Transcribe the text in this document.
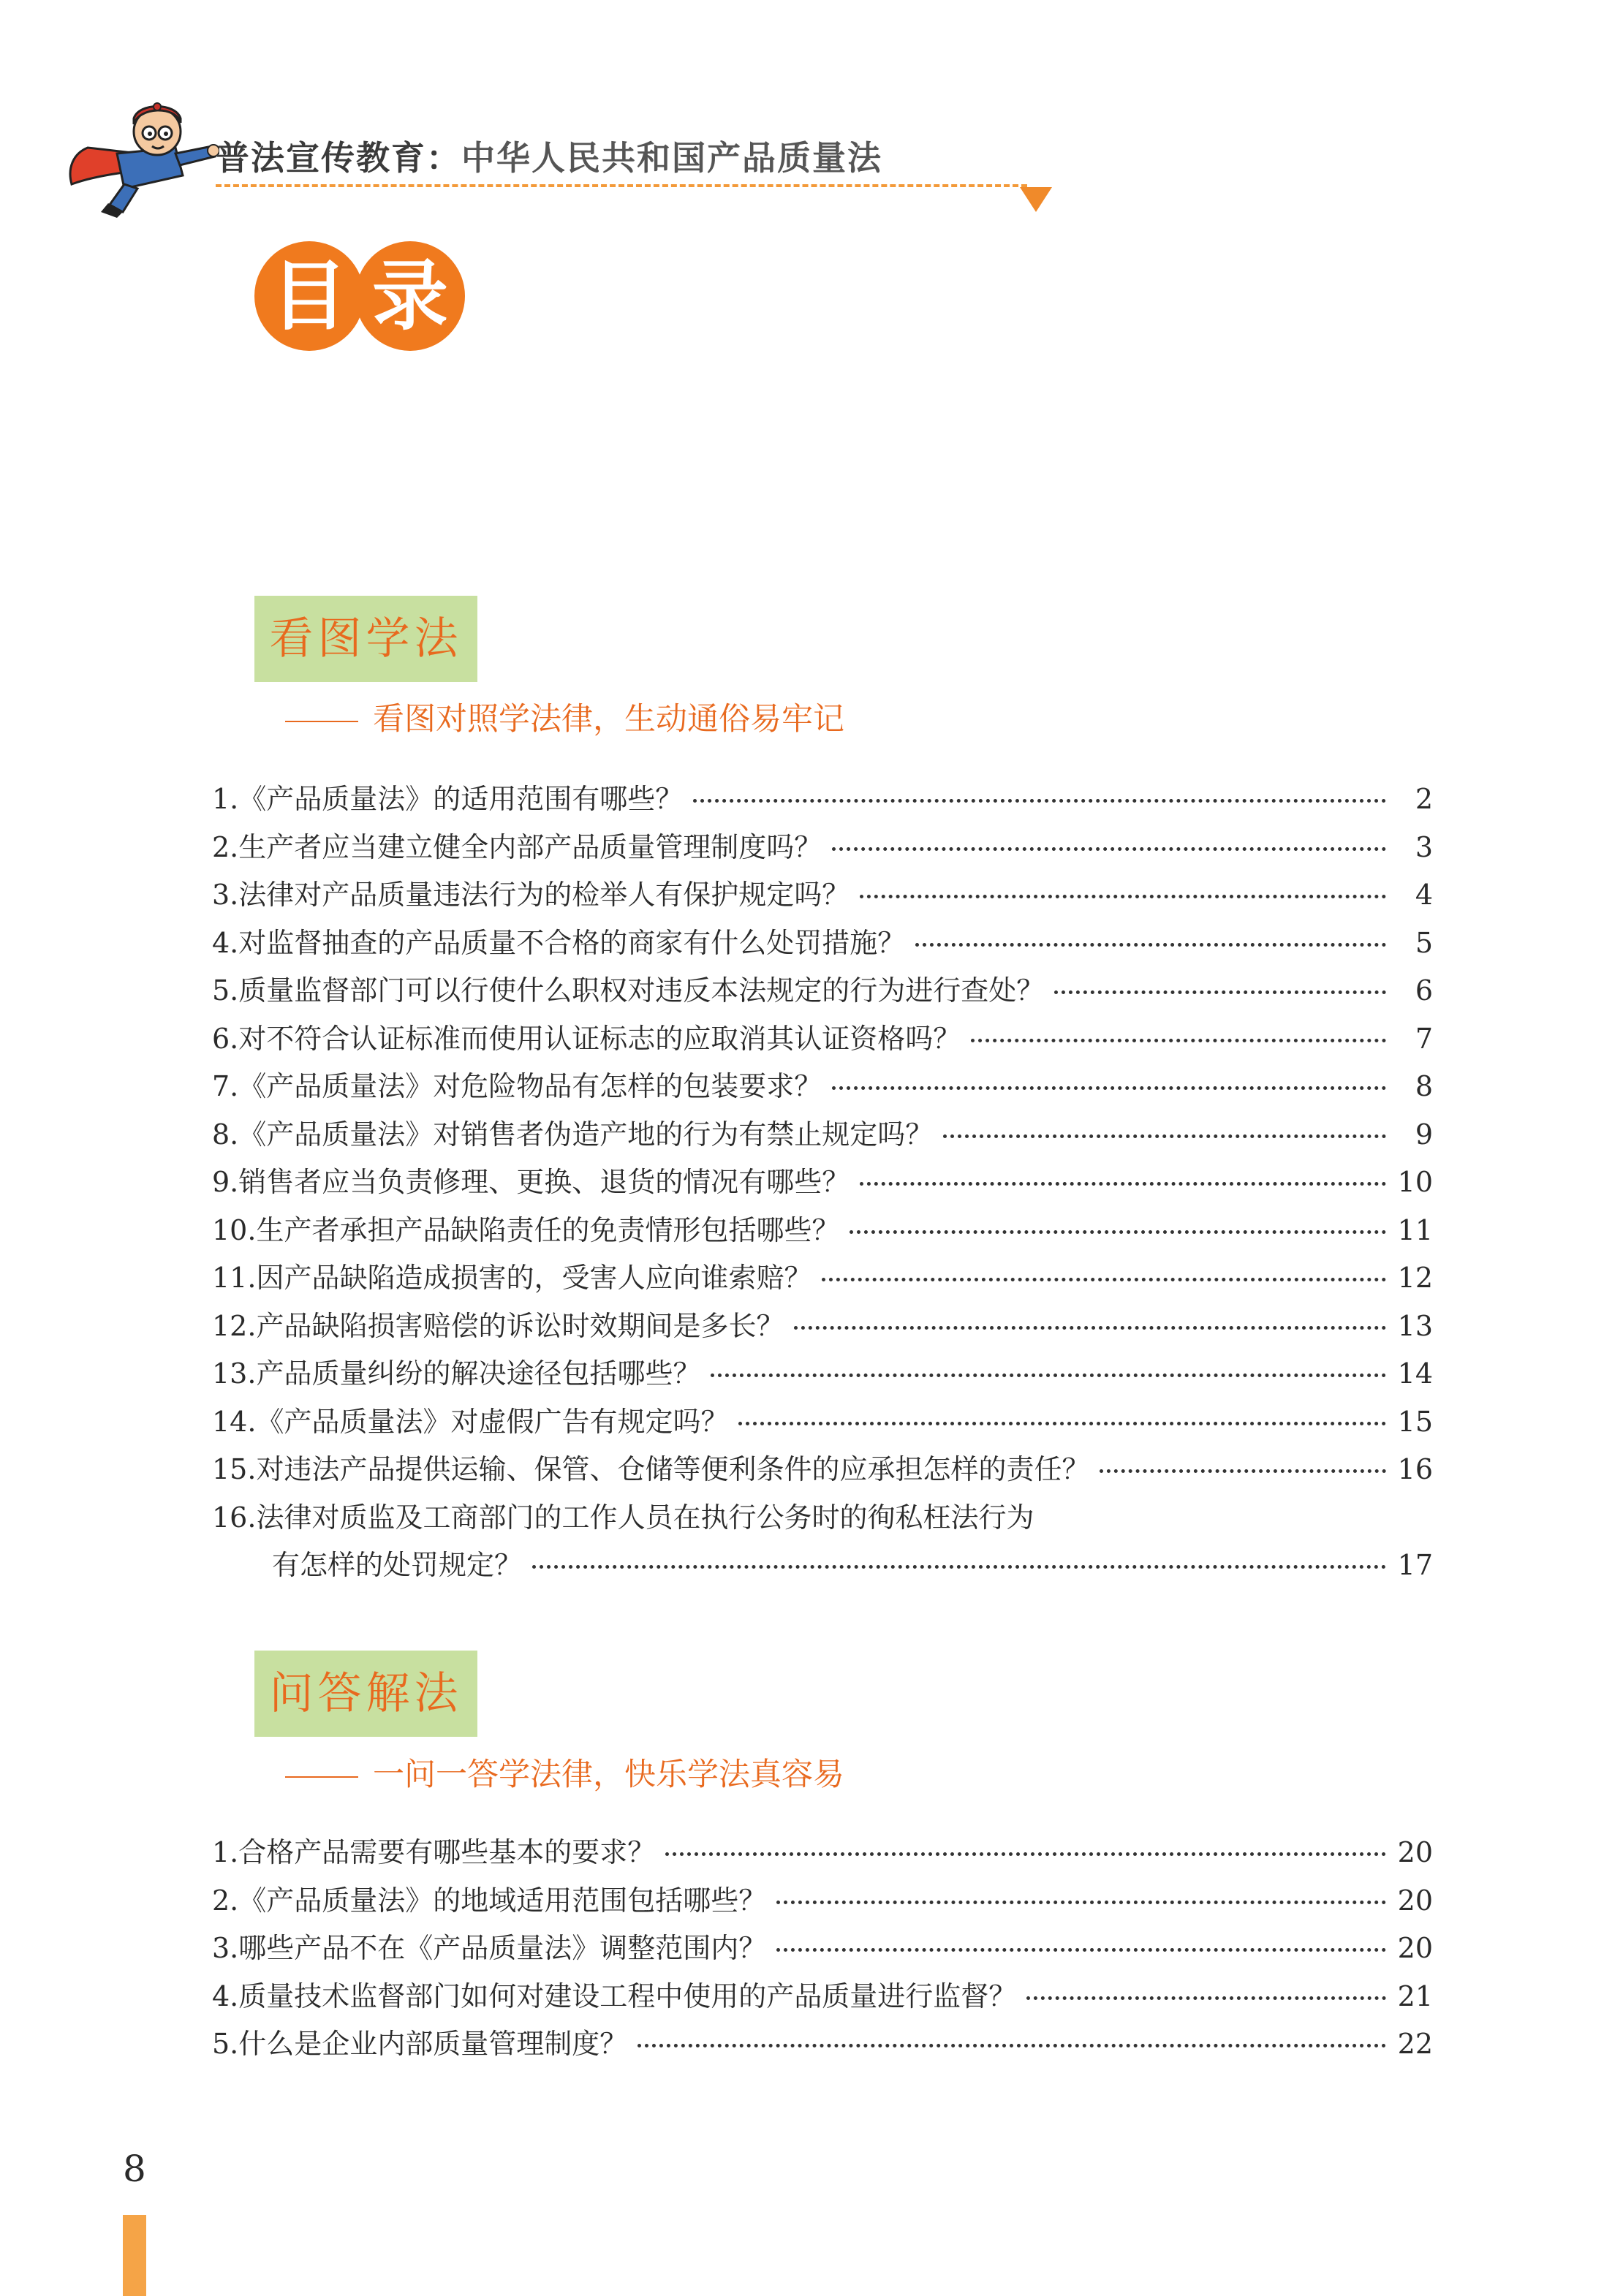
普法宣传教育：中华人民共和国产品质量法
目 录
看图学法
看图对照学法律，生动通俗易牢记
1. 《产品质量法》的适用范围有哪些？	2
2. 生产者应当建立健全内部产品质量管理制度吗？	3
3. 法律对产品质量违法行为的检举人有保护规定吗？	4
4. 对监督抽查的产品质量不合格的商家有什么处罚措施？	5
5. 质量监督部门可以行使什么职权对违反本法规定的行为进行查处？	6
6. 对不符合认证标准而使用认证标志的应取消其认证资格吗？	7
7. 《产品质量法》对危险物品有怎样的包装要求？	8
8. 《产品质量法》对销售者伪造产地的行为有禁止规定吗？	9
9. 销售者应当负责修理、更换、退货的情况有哪些？	10
10. 生产者承担产品缺陷责任的免责情形包括哪些？	11
11. 因产品缺陷造成损害的，受害人应向谁索赔？	12
12. 产品缺陷损害赔偿的诉讼时效期间是多长？	13
13. 产品质量纠纷的解决途径包括哪些？	14
14. 《产品质量法》对虚假广告有规定吗？	15
15. 对违法产品提供运输、保管、仓储等便利条件的应承担怎样的责任？	16
16. 法律对质监及工商部门的工作人员在执行公务时的徇私枉法行为
有怎样的处罚规定？	17
问答解法
一问一答学法律，快乐学法真容易
1. 合格产品需要有哪些基本的要求？	20
2. 《产品质量法》的地域适用范围包括哪些？	20
3. 哪些产品不在《产品质量法》调整范围内？	20
4. 质量技术监督部门如何对建设工程中使用的产品质量进行监督？	21
5. 什么是企业内部质量管理制度？	22
8
